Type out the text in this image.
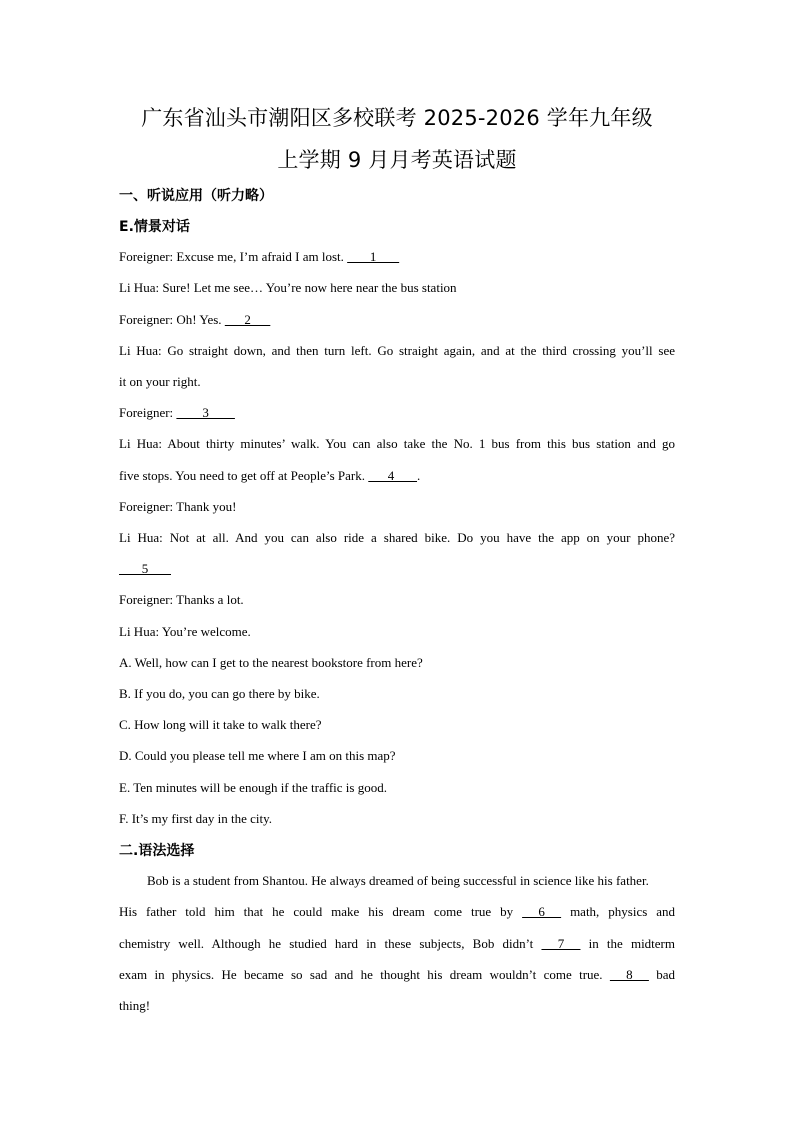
广东省汕头市潮阳区多校联考 2025-2026 学年九年级
上学期 9 月月考英语试题
一、听说应用（听力略）
E.情景对话
Foreigner: Excuse me, I’m afraid I am lost.        1
Li Hua: Sure! Let me see… You’re now here near the bus station
Foreigner: Oh! Yes.       2
Li Hua: Go straight down, and then turn left. Go straight again, and at the third crossing you’ll see
it on your right.
Foreigner:         3
Li Hua: About thirty minutes’ walk. You can also take the No. 1 bus from this bus station and go
five stops. You need to get off at People’s Park.       4       .
Foreigner: Thank you!
Li Hua: Not at all. And you can also ride a shared bike. Do you have the app on your phone?
5
Foreigner: Thanks a lot.
Li Hua: You’re welcome.
A. Well, how can I get to the nearest bookstore from here?
B. If you do, you can go there by bike.
C. How long will it take to walk there?
D. Could you please tell me where I am on this map?
E. Ten minutes will be enough if the traffic is good.
F. It’s my first day in the city.
二.语法选择
Bob is a student from Shantou. He always dreamed of being successful in science like his father.
His father told him that he could make his dream come true by      6      math, physics and
chemistry well. Although he studied hard in these subjects, Bob didn’t      7      in the midterm
exam in physics. He became so sad and he thought his dream wouldn’t come true.      8      bad
thing!
